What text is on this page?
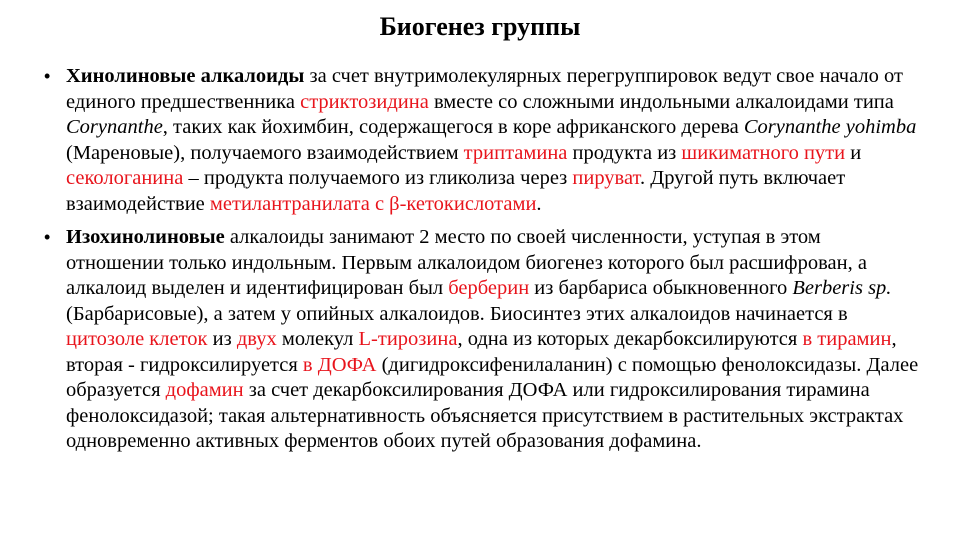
Биогенез группы
• Хинолиновые алкалоиды за счет внутримолекулярных перегруппировок ведут свое начало от единого предшественника стриктозидина вместе со сложными индольными алкалоидами типа Corynanthe, таких как йохимбин, содержащегося в коре африканского дерева Corynanthe yohimba (Мареновые), получаемого взаимодействием триптамина продукта из шикиматного пути и секологанина – продукта получаемого из гликолиза через пируват. Другой путь включает взаимодействие метилантранилата с β-кетокислотами.
• Изохинолиновые алкалоиды занимают 2 место по своей численности, уступая в этом отношении только индольным. Первым алкалоидом биогенез которого был расшифрован, а алкалоид выделен и идентифицирован был берберин из барбариса обыкновенного Berberis sp. (Барбарисовые), а затем у опийных алкалоидов. Биосинтез этих алкалоидов начинается в цитозоле клеток из двух молекул L-тирозина, одна из которых декарбоксилируются в тирамин, вторая - гидроксилируется в ДОФА (дигидроксифенилаланин) с помощью фенолоксидазы. Далее образуется дофамин за счет декарбоксилирования ДОФА или гидроксилирования тирамина фенолоксидазой; такая альтернативность объясняется присутствием в растительных экстрактах одновременно активных ферментов обоих путей образования дофамина.
